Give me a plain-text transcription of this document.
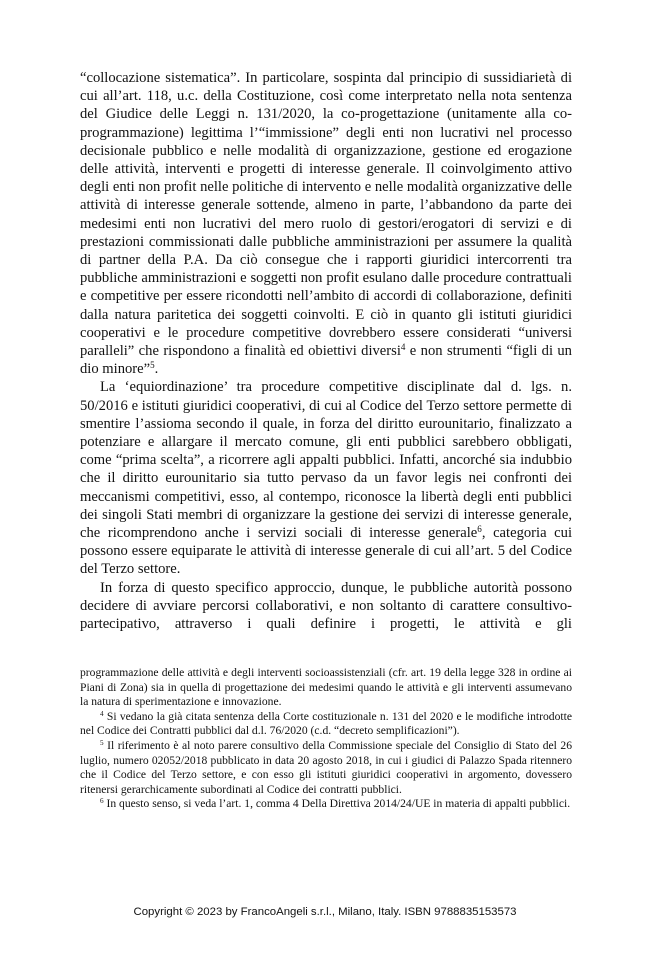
“collocazione sistematica”. In particolare, sospinta dal principio di sussidiarietà di cui all’art. 118, u.c. della Costituzione, così come interpretato nella nota sentenza del Giudice delle Leggi n. 131/2020, la co-progettazione (unitamente alla co-programmazione) legittima l’“immissione” degli enti non lucrativi nel processo decisionale pubblico e nelle modalità di organizzazione, gestione ed erogazione delle attività, interventi e progetti di interesse generale. Il coinvolgimento attivo degli enti non profit nelle politiche di intervento e nelle modalità organizzative delle attività di interesse generale sottende, almeno in parte, l’abbandono da parte dei medesimi enti non lucrativi del mero ruolo di gestori/erogatori di servizi e di prestazioni commissionati dalle pubbliche amministrazioni per assumere la qualità di partner della P.A. Da ciò consegue che i rapporti giuridici intercorrenti tra pubbliche amministrazioni e soggetti non profit esulano dalle procedure contrattuali e competitive per essere ricondotti nell’ambito di accordi di collaborazione, definiti dalla natura paritetica dei soggetti coinvolti. E ciò in quanto gli istituti giuridici cooperativi e le procedure competitive dovrebbero essere considerati “universi paralleli” che rispondono a finalità ed obiettivi diversi$^4$ e non strumenti “figli di un dio minore”$^5$.

La ‘equiordinazione’ tra procedure competitive disciplinate dal d. lgs. n. 50/2016 e istituti giuridici cooperativi, di cui al Codice del Terzo settore permette di smentire l’assioma secondo il quale, in forza del diritto eurounitario, finalizzato a potenziare e allargare il mercato comune, gli enti pubblici sarebbero obbligati, come “prima scelta”, a ricorrere agli appalti pubblici. Infatti, ancorché sia indubbio che il diritto eurounitario sia tutto pervaso da un favor legis nei confronti dei meccanismi competitivi, esso, al contempo, riconosce la libertà degli enti pubblici dei singoli Stati membri di organizzare la gestione dei servizi di interesse generale, che ricomprendono anche i servizi sociali di interesse generale$^6$, categoria cui possono essere equiparate le attività di interesse generale di cui all’art. 5 del Codice del Terzo settore.

In forza di questo specifico approccio, dunque, le pubbliche autorità possono decidere di avviare percorsi collaborativi, e non soltanto di carattere consultivo-partecipativo, attraverso i quali definire i progetti, le attività e gli

programmazione delle attività e degli interventi socioassistenziali (cfr. art. 19 della legge 328 in ordine ai Piani di Zona) sia in quella di progettazione dei medesimi quando le attività e gli interventi assumevano la natura di sperimentazione e innovazione.

$^4$ Si vedano la già citata sentenza della Corte costituzionale n. 131 del 2020 e le modifiche introdotte nel Codice dei Contratti pubblici dal d.l. 76/2020 (c.d. “decreto semplificazioni”).

$^5$ Il riferimento è al noto parere consultivo della Commissione speciale del Consiglio di Stato del 26 luglio, numero 02052/2018 pubblicato in data 20 agosto 2018, in cui i giudici di Palazzo Spada ritennero che il Codice del Terzo settore, e con esso gli istituti giuridici cooperativi in argomento, dovessero ritenersi gerarchicamente subordinati al Codice dei contratti pubblici.

$^6$ In questo senso, si veda l’art. 1, comma 4 Della Direttiva 2014/24/UE in materia di appalti pubblici.

Copyright © 2023 by FrancoAngeli s.r.l., Milano, Italy. ISBN 9788835153573
